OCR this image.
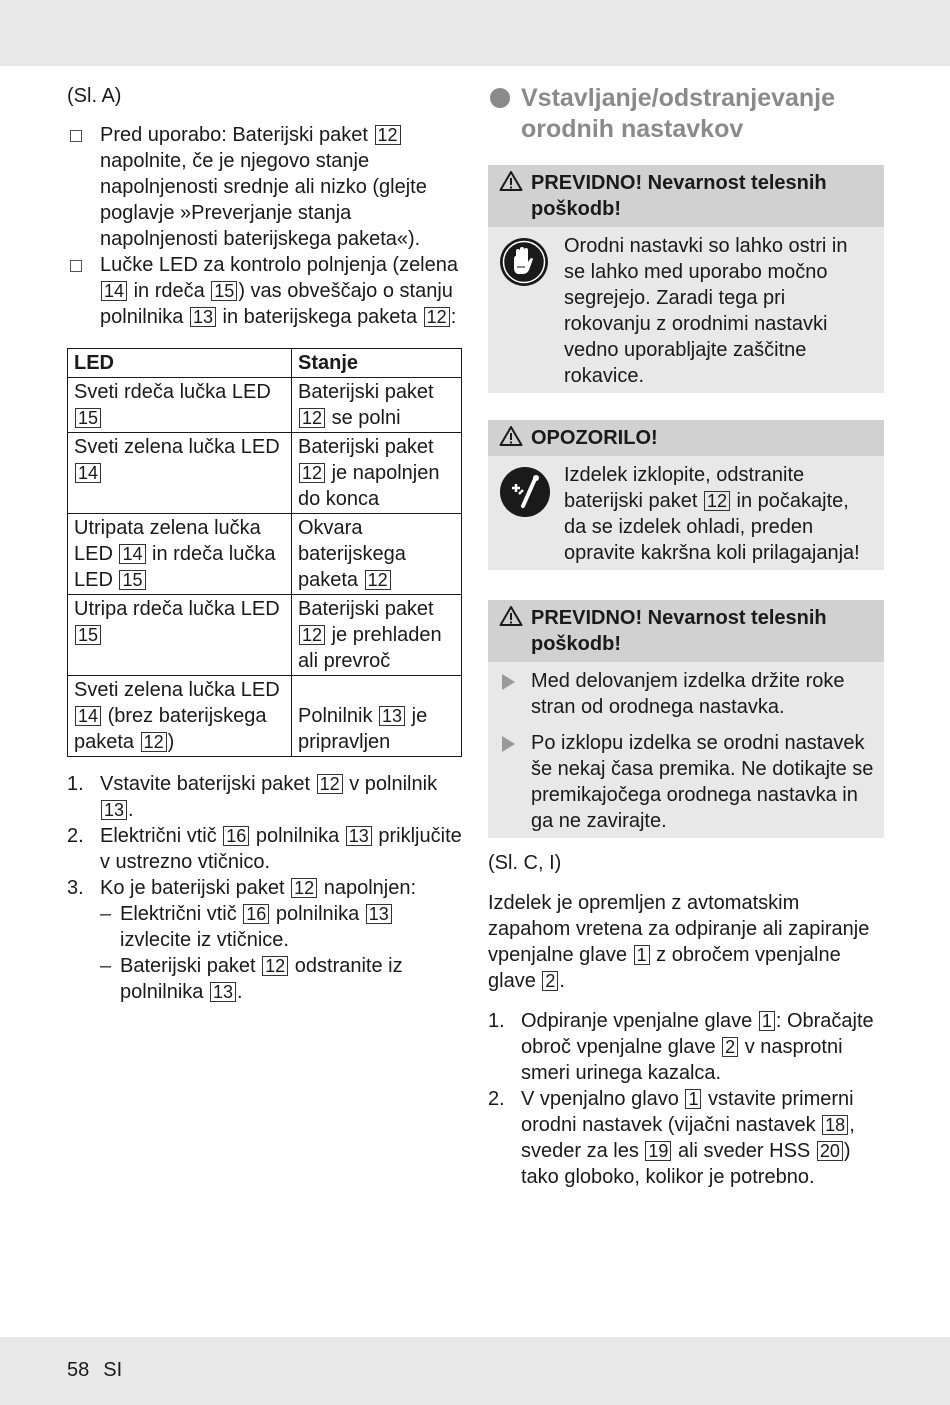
(Sl. A)
Pred uporabo: Baterijski paket 12 napolnite, če je njegovo stanje napolnjenosti srednje ali nizko (glejte poglavje »Preverjanje stanja napolnjenosti baterijskega paketa«).
Lučke LED za kontrolo polnjenja (zelena 14 in rdeča 15 ) vas obveščajo o stanju polnilnika 13 in baterijskega paketa 12 :
LED	Stanje
Sveti rdeča lučka LED 15	Baterijski paket 12 se polni
Sveti zelena lučka LED 14	Baterijski paket 12 je napolnjen do konca
Utripata zelena lučka LED 14 in rdeča lučka LED 15	Okvara baterijskega paketa 12
Utripa rdeča lučka LED 15	Baterijski paket 12 je prehladen ali prevroč
Sveti zelena lučka LED 14 (brez baterijskega paketa 12 )	Polnilnik 13 je pripravljen
1. Vstavite baterijski paket 12 v polnilnik 13 .
2. Električni vtič 16 polnilnika 13 priključite v ustrezno vtičnico.
3. Ko je baterijski paket 12 napolnjen:
– Električni vtič 16 polnilnika 13 izvlecite iz vtičnice.
– Baterijski paket 12 odstranite iz polnilnika 13 .
Vstavljanje/odstranjevanje orodnih nastavkov
PREVIDNO! Nevarnost telesnih poškodb!
Orodni nastavki so lahko ostri in se lahko med uporabo močno segrejejo. Zaradi tega pri rokovanju z orodnimi nastavki vedno uporabljajte zaščitne rokavice.
OPOZORILO!
Izdelek izklopite, odstranite baterijski paket 12 in počakajte, da se izdelek ohladi, preden opravite kakršna koli prilagajanja!
PREVIDNO! Nevarnost telesnih poškodb!
Med delovanjem izdelka držite roke stran od orodnega nastavka.
Po izklopu izdelka se orodni nastavek še nekaj časa premika. Ne dotikajte se premikajočega orodnega nastavka in ga ne zavirajte.
(Sl. C, I)
Izdelek je opremljen z avtomatskim zapahom vretena za odpiranje ali zapiranje vpenjalne glave 1 z obročem vpenjalne glave 2 .
1. Odpiranje vpenjalne glave 1 : Obračajte obroč vpenjalne glave 2 v nasprotni smeri urinega kazalca.
2. V vpenjalno glavo 1 vstavite primerni orodni nastavek (vijačni nastavek 18 , sveder za les 19 ali sveder HSS 20 ) tako globoko, kolikor je potrebno.
58 SI
